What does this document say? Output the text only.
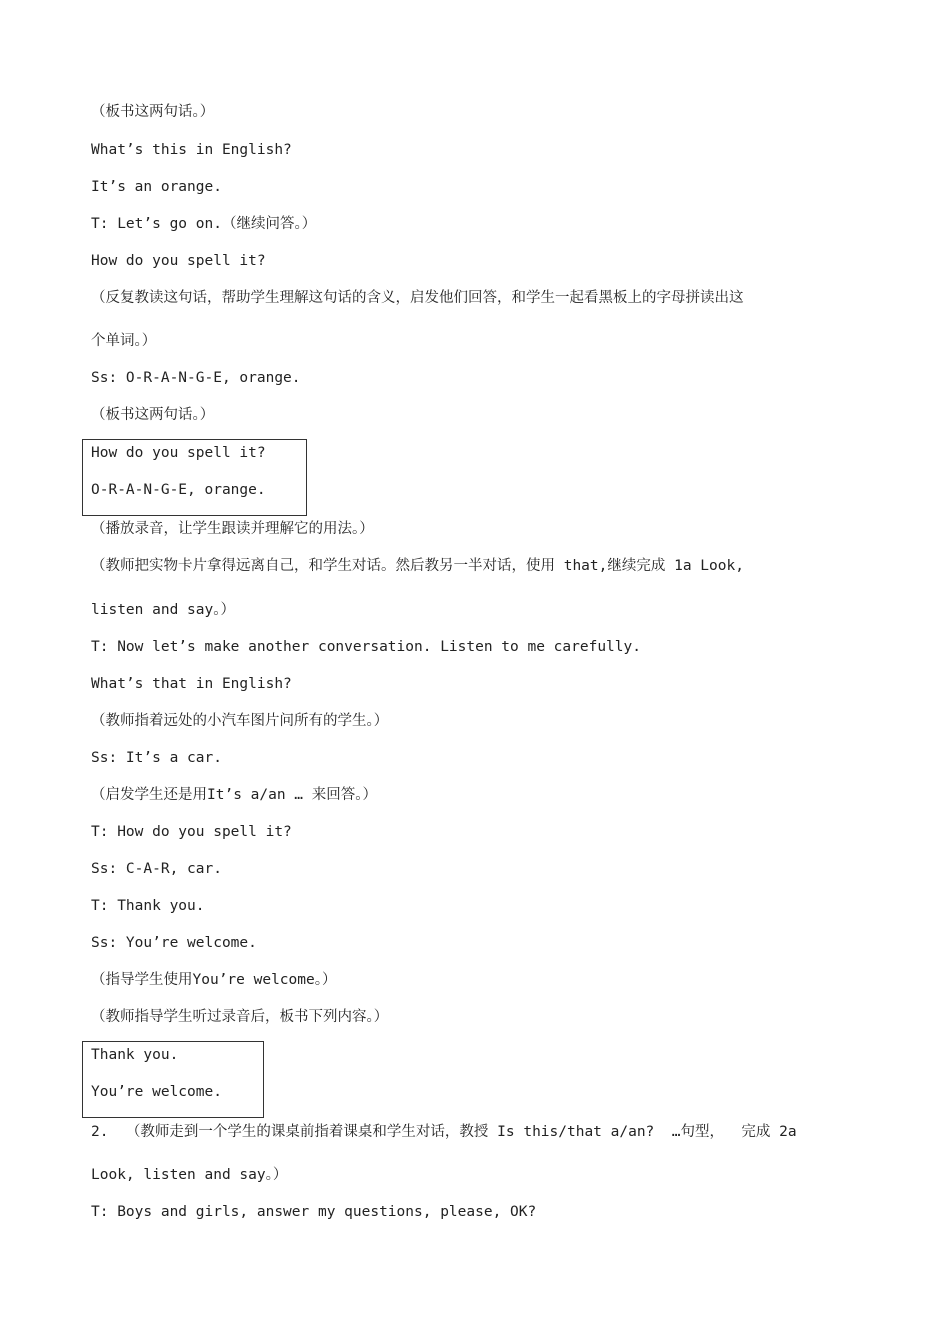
（板书这两句话。）
What’s this in English?
It’s an orange.
T: Let’s go on.（继续问答。）
How do you spell it?
（反复教读这句话，帮助学生理解这句话的含义，启发他们回答，和学生一起看黑板上的字母拼读出这
个单词。）
Ss: O-R-A-N-G-E, orange.
（板书这两句话。）
How do you spell it?
O-R-A-N-G-E, orange.
（播放录音，让学生跟读并理解它的用法。）
（教师把实物卡片拿得远离自己，和学生对话。然后教另一半对话，使用 that,继续完成 1a Look,
listen and say。）
T: Now let’s make another conversation. Listen to me carefully.
What’s that in English?
（教师指着远处的小汽车图片问所有的学生。）
Ss: It’s a car.
（启发学生还是用It’s a/an … 来回答。）
T: How do you spell it?
Ss: C-A-R, car.
T: Thank you.
Ss: You’re welcome.
（指导学生使用You’re welcome。）
（教师指导学生听过录音后，板书下列内容。）
Thank you.
You’re welcome.
2.  （教师走到一个学生的课桌前指着课桌和学生对话，教授 Is this/that a/an?  …句型，  完成 2a
Look, listen and say。）
T: Boys and girls, answer my questions, please, OK?
